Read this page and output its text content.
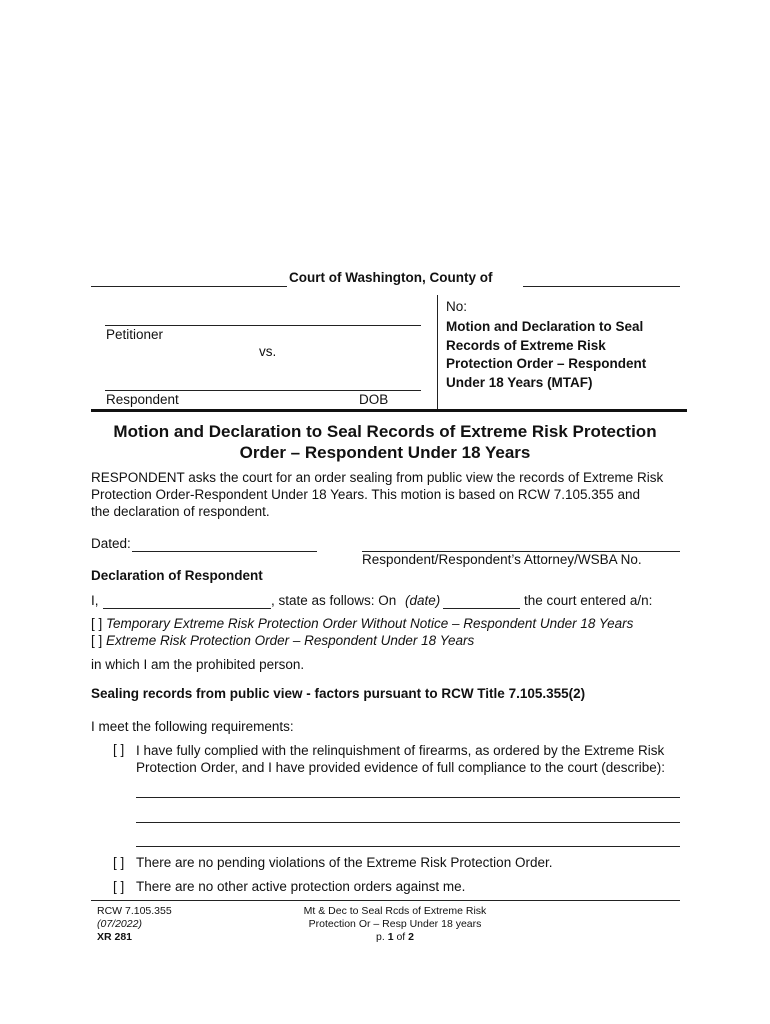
Court of Washington, County of
Petitioner
vs.
Respondent	DOB
No:
Motion and Declaration to Seal
Records of Extreme Risk
Protection Order – Respondent
Under 18 Years (MTAF)
Motion and Declaration to Seal Records of Extreme Risk Protection
Order – Respondent Under 18 Years
RESPONDENT asks the court for an order sealing from public view the records of Extreme Risk
Protection Order-Respondent Under 18 Years. This motion is based on RCW 7.105.355 and
the declaration of respondent.
Dated:
Respondent/Respondent’s Attorney/WSBA No.
Declaration of Respondent
I,	, state as follows: On (date)	the court entered a/n:
[ ] Temporary Extreme Risk Protection Order Without Notice – Respondent Under 18 Years
[ ] Extreme Risk Protection Order – Respondent Under 18 Years
in which I am the prohibited person.
Sealing records from public view - factors pursuant to RCW Title 7.105.355(2)
I meet the following requirements:
[ ] I have fully complied with the relinquishment of firearms, as ordered by the Extreme Risk
Protection Order, and I have provided evidence of full compliance to the court (describe):
[ ] There are no pending violations of the Extreme Risk Protection Order.
[ ] There are no other active protection orders against me.
RCW 7.105.355
(07/2022)
XR 281
Mt & Dec to Seal Rcds of Extreme Risk
Protection Or – Resp Under 18 years
p. 1 of 2
